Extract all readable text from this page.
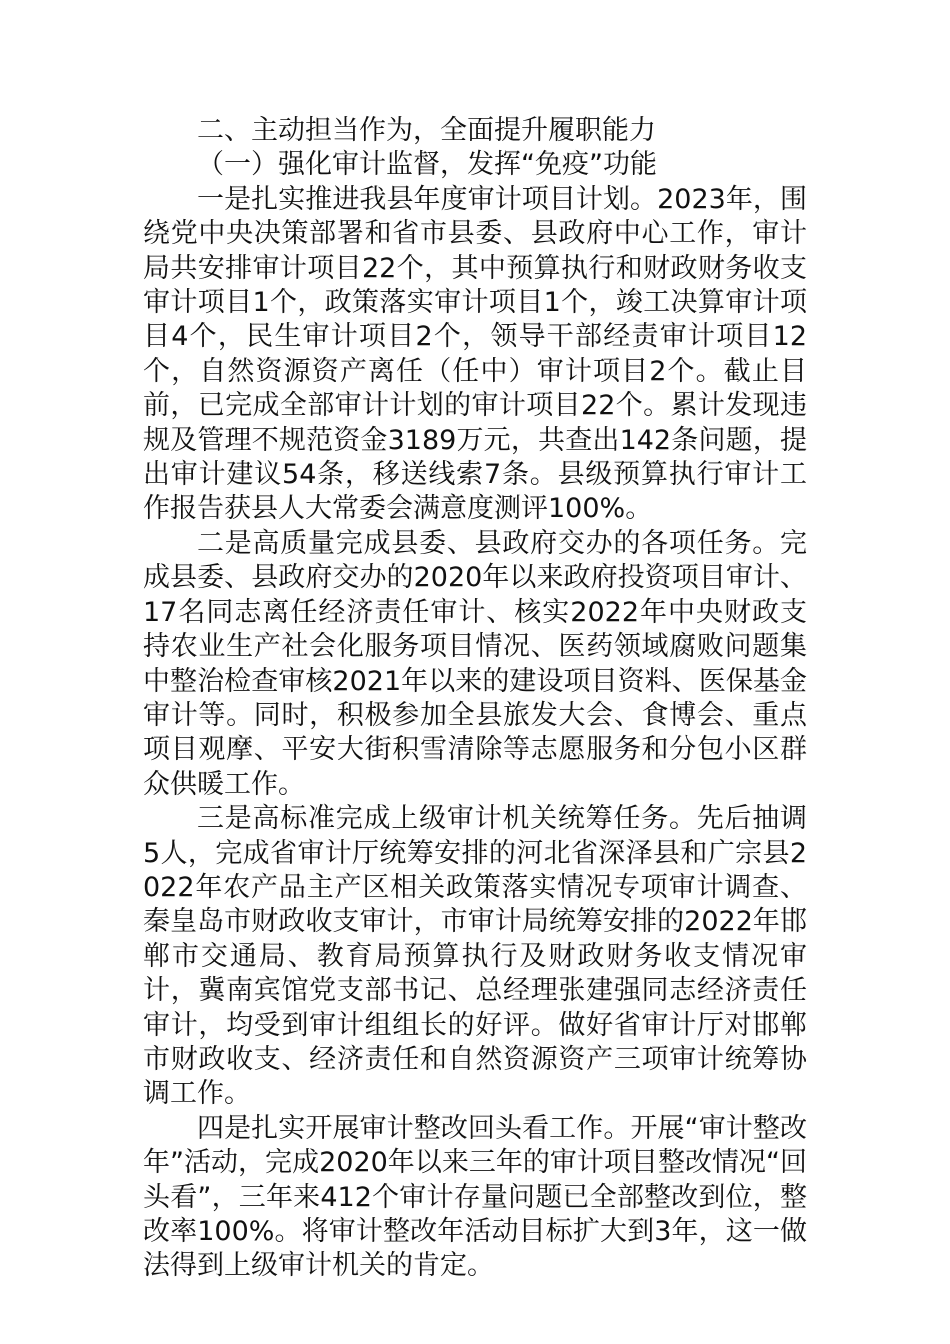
二、主动担当作为，全面提升履职能力

（一）强化审计监督，发挥“免疫”功能

一是扎实推进我县年度审计项目计划。2023年，围绕党中央决策部署和省市县委、县政府中心工作，审计局共安排审计项目22个，其中预算执行和财政财务收支审计项目1个，政策落实审计项目1个，竣工决算审计项目4个，民生审计项目2个，领导干部经责审计项目12个，自然资源资产离任（任中）审计项目2个。截止目前，已完成全部审计计划的审计项目22个。累计发现违规及管理不规范资金3189万元，共查出142条问题，提出审计建议54条，移送线索7条。县级预算执行审计工作报告获县人大常委会满意度测评100%。

二是高质量完成县委、县政府交办的各项任务。完成县委、县政府交办的2020年以来政府投资项目审计、17名同志离任经济责任审计、核实2022年中央财政支持农业生产社会化服务项目情况、医药领域腐败问题集中整治检查审核2021年以来的建设项目资料、医保基金审计等。同时，积极参加全县旅发大会、食博会、重点项目观摩、平安大街积雪清除等志愿服务和分包小区群众供暖工作。

三是高标准完成上级审计机关统筹任务。先后抽调5人，完成省审计厅统筹安排的河北省深泽县和广宗县2022年农产品主产区相关政策落实情况专项审计调查、秦皇岛市财政收支审计，市审计局统筹安排的2022年邯郸市交通局、教育局预算执行及财政财务收支情况审计，冀南宾馆党支部书记、总经理张建强同志经济责任审计，均受到审计组组长的好评。做好省审计厅对邯郸市财政收支、经济责任和自然资源资产三项审计统筹协调工作。

四是扎实开展审计整改回头看工作。开展“审计整改年”活动，完成2020年以来三年的审计项目整改情况“回头看”，三年来412个审计存量问题已全部整改到位，整改率100%。将审计整改年活动目标扩大到3年，这一做法得到上级审计机关的肯定。
